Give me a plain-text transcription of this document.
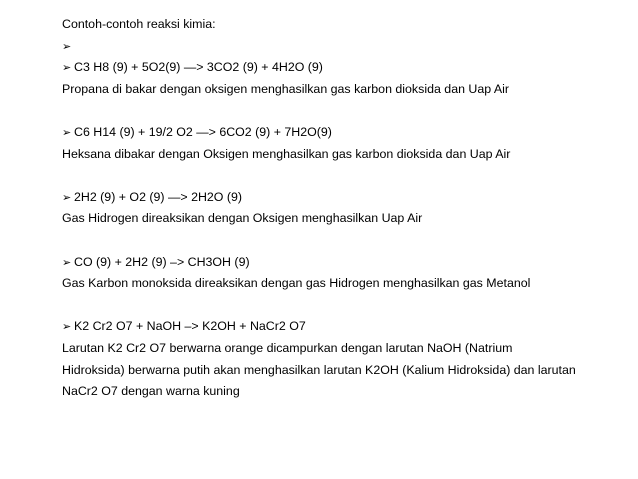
Contoh-contoh reaksi kimia:

➢

➢ C3 H8 (9) + 5O2(9) —> 3CO2 (9) + 4H2O (9)

Propana di bakar dengan oksigen menghasilkan gas karbon dioksida dan Uap Air

➢ C6 H14 (9) + 19/2 O2 —> 6CO2 (9) + 7H2O(9)

Heksana dibakar dengan Oksigen menghasilkan gas karbon dioksida dan Uap Air

➢ 2H2 (9) + O2 (9) —> 2H2O (9)

Gas Hidrogen direaksikan dengan Oksigen menghasilkan Uap Air

➢ CO (9) + 2H2 (9) –> CH3OH (9)

Gas Karbon monoksida direaksikan dengan gas Hidrogen menghasilkan gas Metanol

➢ K2 Cr2 O7 + NaOH –> K2OH + NaCr2 O7

Larutan K2 Cr2 O7 berwarna orange dicampurkan dengan larutan NaOH (Natrium Hidroksida) berwarna putih akan menghasilkan larutan K2OH (Kalium Hidroksida) dan larutan NaCr2 O7 dengan warna kuning
